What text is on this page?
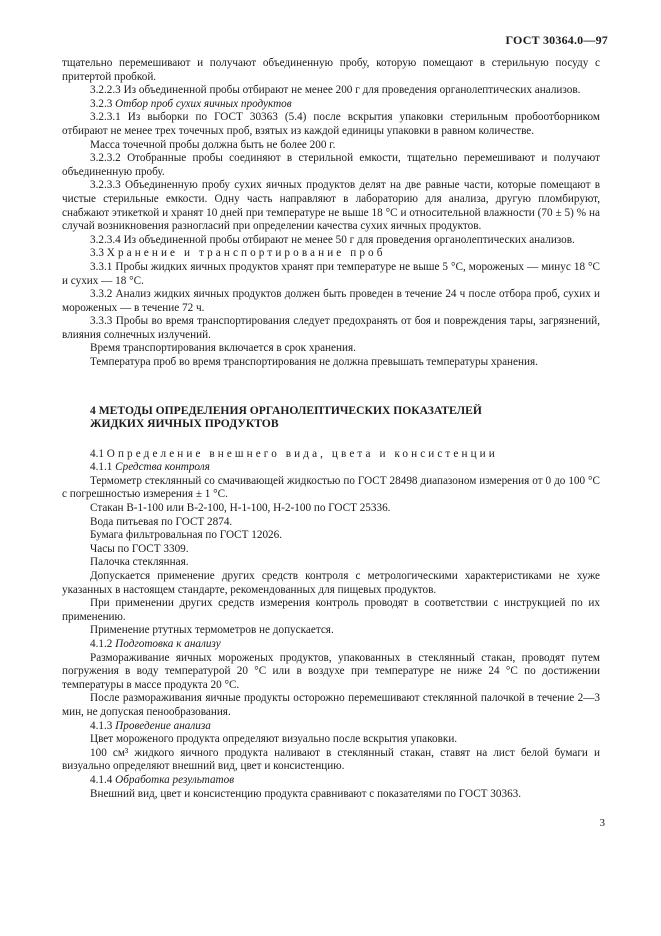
ГОСТ 30364.0—97

тщательно перемешивают и получают объединенную пробу, которую помещают в стерильную посуду с притертой пробкой.

3.2.2.3 Из объединенной пробы отбирают не менее 200 г для проведения органолептических анализов.

3.2.3 Отбор проб сухих яичных продуктов

3.2.3.1 Из выборки по ГОСТ 30363 (5.4) после вскрытия упаковки стерильным пробоотборником отбирают не менее трех точечных проб, взятых из каждой единицы упаковки в равном количестве.

Масса точечной пробы должна быть не более 200 г.

3.2.3.2 Отобранные пробы соединяют в стерильной емкости, тщательно перемешивают и получают объединенную пробу.

3.2.3.3 Объединенную пробу сухих яичных продуктов делят на две равные части, которые помещают в чистые стерильные емкости. Одну часть направляют в лабораторию для анализа, другую пломбируют, снабжают этикеткой и хранят 10 дней при температуре не выше 18 °С и относительной влажности (70 ± 5) % на случай возникновения разногласий при определении качества сухих яичных продуктов.

3.2.3.4 Из объединенной пробы отбирают не менее 50 г для проведения органолептических анализов.

3.3 Хранение и транспортирование проб

3.3.1 Пробы жидких яичных продуктов хранят при температуре не выше 5 °С, мороженых — минус 18 °С и сухих — 18 °С.

3.3.2 Анализ жидких яичных продуктов должен быть проведен в течение 24 ч после отбора проб, сухих и мороженых — в течение 72 ч.

3.3.3 Пробы во время транспортирования следует предохранять от боя и повреждения тары, загрязнений, влияния солнечных излучений.

Время транспортирования включается в срок хранения.

Температура проб во время транспортирования не должна превышать температуры хранения.

4 МЕТОДЫ ОПРЕДЕЛЕНИЯ ОРГАНОЛЕПТИЧЕСКИХ ПОКАЗАТЕЛЕЙ
ЖИДКИХ ЯИЧНЫХ ПРОДУКТОВ

4.1 Определение внешнего вида, цвета и консистенции

4.1.1 Средства контроля

Термометр стеклянный со смачивающей жидкостью по ГОСТ 28498 диапазоном измерения от 0 до 100 °С с погрешностью измерения ± 1 °С.

Стакан В-1-100 или В-2-100, Н-1-100, Н-2-100 по ГОСТ 25336.

Вода питьевая по ГОСТ 2874.

Бумага фильтровальная по ГОСТ 12026.

Часы по ГОСТ 3309.

Палочка стеклянная.

Допускается применение других средств контроля с метрологическими характеристиками не хуже указанных в настоящем стандарте, рекомендованных для пищевых продуктов.

При применении других средств измерения контроль проводят в соответствии с инструкцией по их применению.

Применение ртутных термометров не допускается.

4.1.2 Подготовка к анализу

Размораживание яичных мороженых продуктов, упакованных в стеклянный стакан, проводят путем погружения в воду температурой 20 °С или в воздухе при температуре не ниже 24 °С по достижении температуры в массе продукта 20 °С.

После размораживания яичные продукты осторожно перемешивают стеклянной палочкой в течение 2—3 мин, не допуская пенообразования.

4.1.3 Проведение анализа

Цвет мороженого продукта определяют визуально после вскрытия упаковки.

100 см³ жидкого яичного продукта наливают в стеклянный стакан, ставят на лист белой бумаги и визуально определяют внешний вид, цвет и консистенцию.

4.1.4 Обработка результатов

Внешний вид, цвет и консистенцию продукта сравнивают с показателями по ГОСТ 30363.

3
